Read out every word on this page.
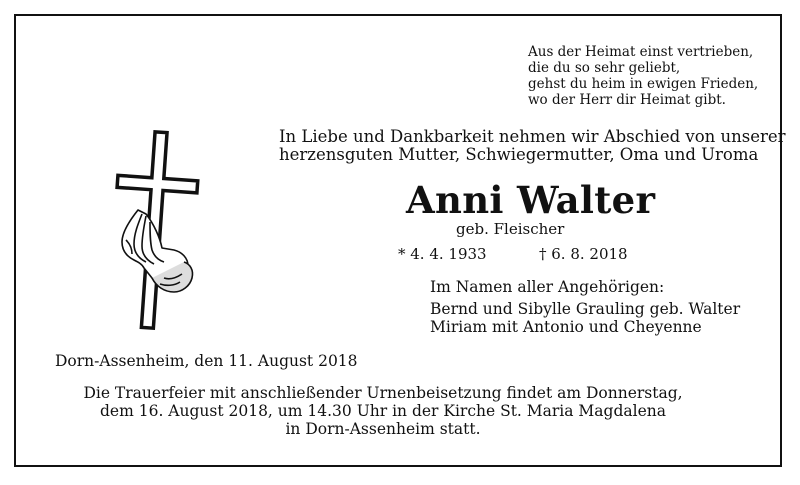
Aus der Heimat einst vertrieben,
die du so sehr geliebt,
gehst du heim in ewigen Frieden,
wo der Herr dir Heimat gibt.
In Liebe und Dankbarkeit nehmen wir Abschied von unserer
herzensguten Mutter, Schwiegermutter, Oma und Uroma
Anni Walter
geb. Fleischer
* 4. 4. 1933	† 6. 8. 2018
Im Namen aller Angehörigen:
Bernd und Sibylle Grauling geb. Walter
Miriam mit Antonio und Cheyenne
Dorn-Assenheim, den 11. August 2018
Die Trauerfeier mit anschließender Urnenbeisetzung findet am Donnerstag,
dem 16. August 2018, um 14.30 Uhr in der Kirche St. Maria Magdalena
in Dorn-Assenheim statt.
